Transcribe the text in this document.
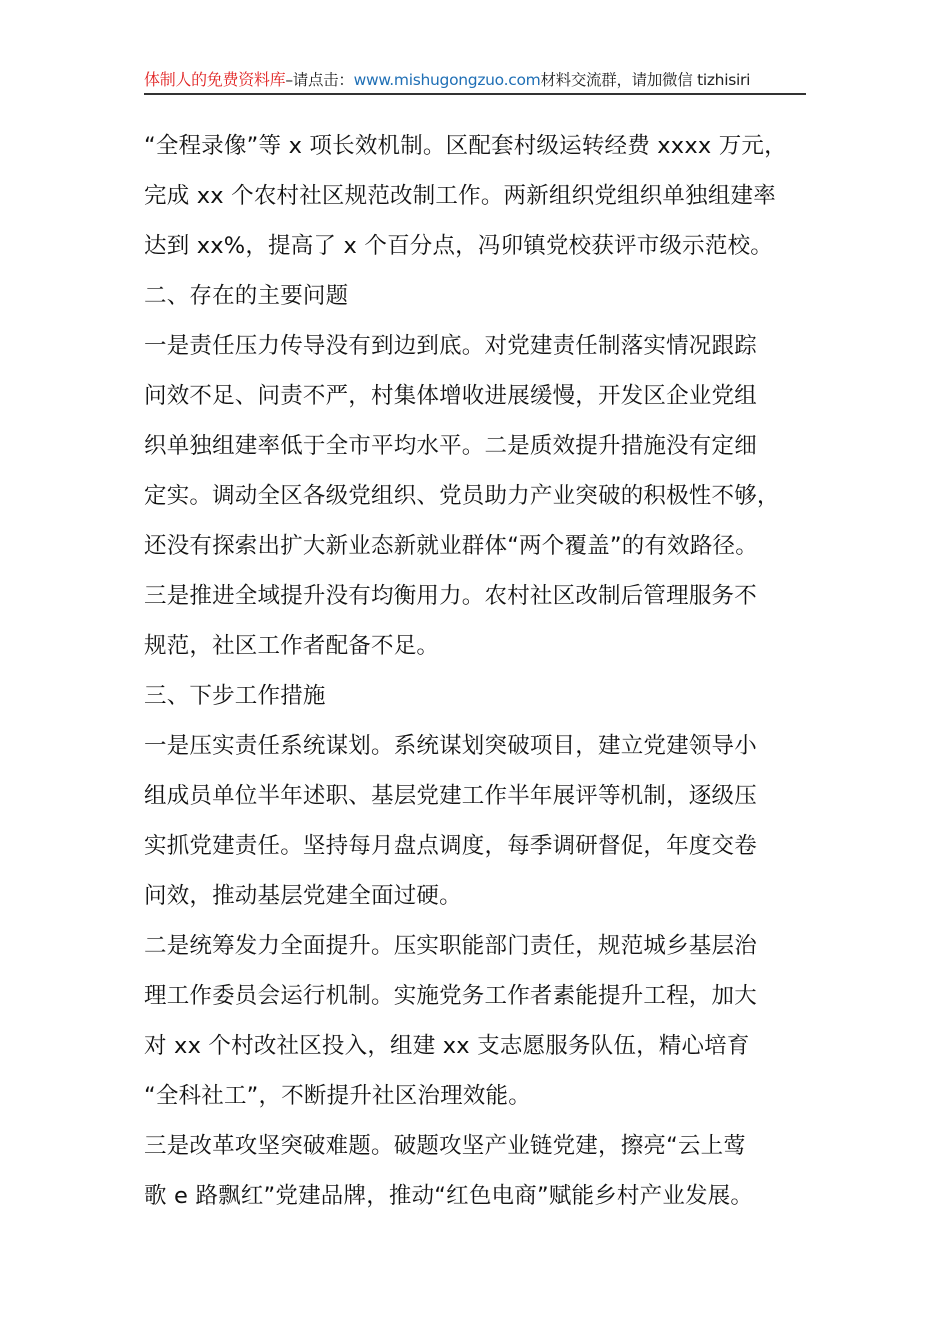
体制人的免费资料库–请点击：www.mishugongzuo.com材料交流群，请加微信 tizhisiri
“全程录像”等 x 项长效机制。区配套村级运转经费 xxxx 万元，
完成 xx 个农村社区规范改制工作。两新组织党组织单独组建率
达到 xx%，提高了 x 个百分点，冯卯镇党校获评市级示范校。
二、存在的主要问题
一是责任压力传导没有到边到底。对党建责任制落实情况跟踪
问效不足、问责不严，村集体增收进展缓慢，开发区企业党组
织单独组建率低于全市平均水平。二是质效提升措施没有定细
定实。调动全区各级党组织、党员助力产业突破的积极性不够，
还没有探索出扩大新业态新就业群体“两个覆盖”的有效路径。
三是推进全域提升没有均衡用力。农村社区改制后管理服务不
规范，社区工作者配备不足。
三、下步工作措施
一是压实责任系统谋划。系统谋划突破项目，建立党建领导小
组成员单位半年述职、基层党建工作半年展评等机制，逐级压
实抓党建责任。坚持每月盘点调度，每季调研督促，年度交卷
问效，推动基层党建全面过硬。
二是统筹发力全面提升。压实职能部门责任，规范城乡基层治
理工作委员会运行机制。实施党务工作者素能提升工程，加大
对 xx 个村改社区投入，组建 xx 支志愿服务队伍，精心培育
“全科社工”，不断提升社区治理效能。
三是改革攻坚突破难题。破题攻坚产业链党建，擦亮“云上莺
歌 e 路飘红”党建品牌，推动“红色电商”赋能乡村产业发展。
